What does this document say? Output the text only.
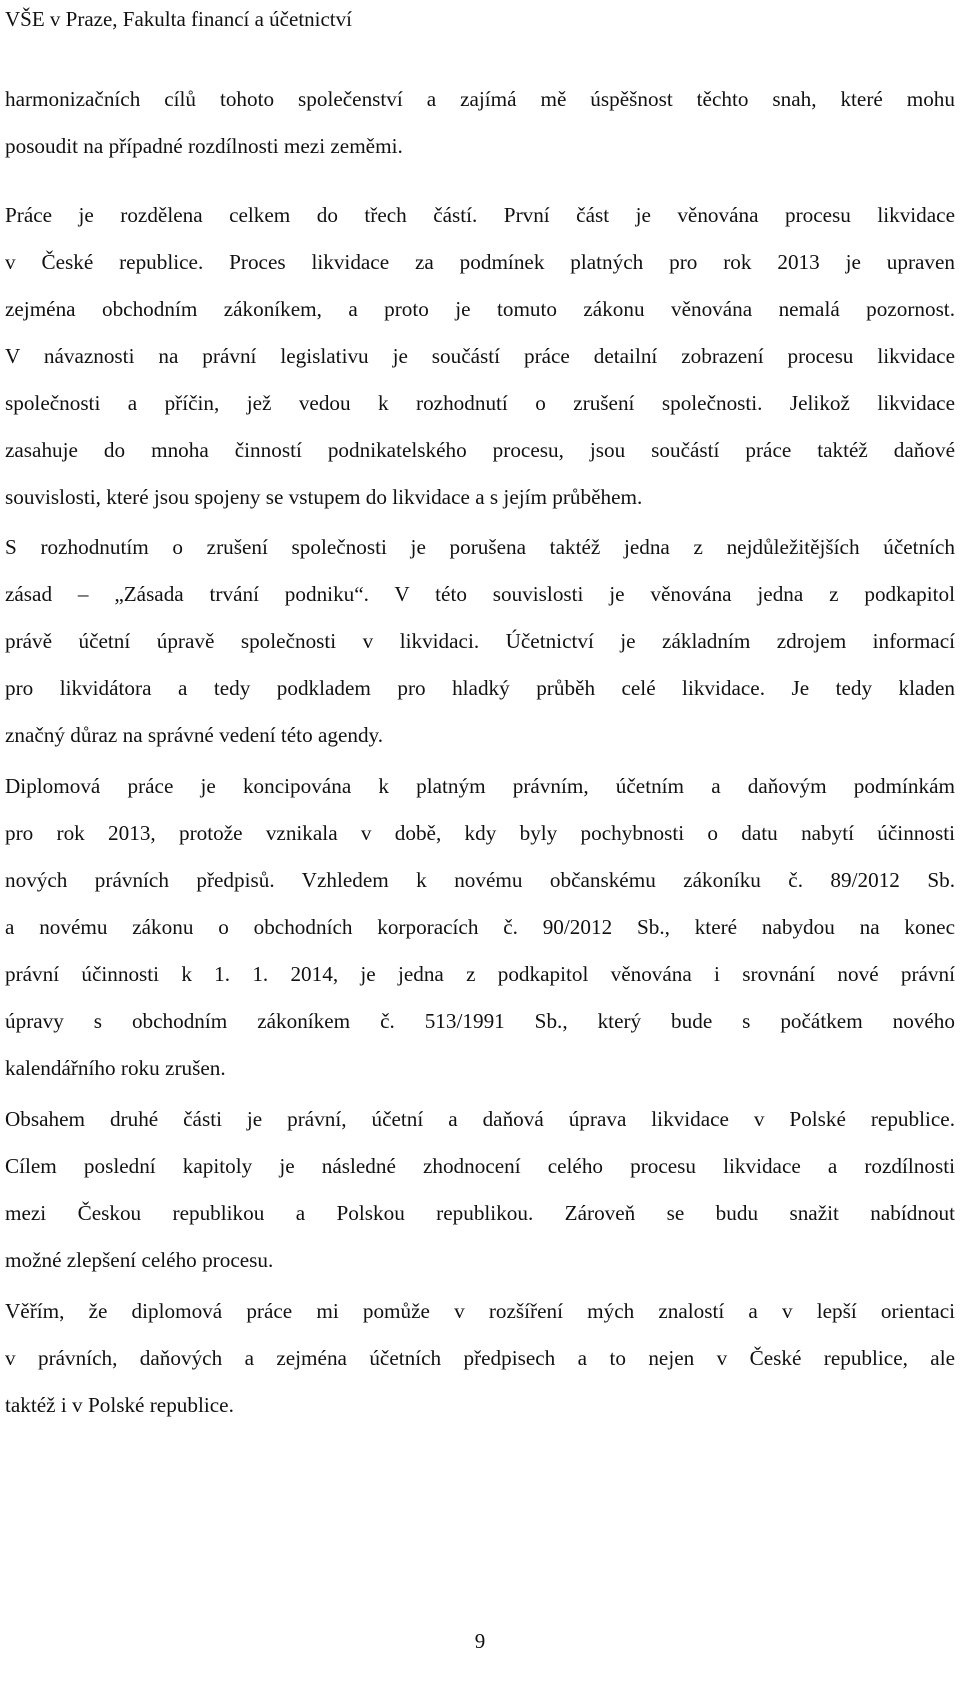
VŠE v Praze, Fakulta financí a účetnictví
harmonizačních cílů tohoto společenství a zajímá mě úspěšnost těchto snah, které mohu
posoudit na případné rozdílnosti mezi zeměmi.
Práce je rozdělena celkem do třech částí. První část je věnována procesu likvidace
v České republice. Proces likvidace za podmínek platných pro rok 2013 je upraven
zejména obchodním zákoníkem, a proto je tomuto zákonu věnována nemalá pozornost.
V návaznosti na právní legislativu je součástí práce detailní zobrazení procesu likvidace
společnosti a příčin, jež vedou k rozhodnutí o zrušení společnosti. Jelikož likvidace
zasahuje do mnoha činností podnikatelského procesu, jsou součástí práce taktéž daňové
souvislosti, které jsou spojeny se vstupem do likvidace a s jejím průběhem.
S rozhodnutím o zrušení společnosti je porušena taktéž jedna z nejdůležitějších účetních
zásad – „Zásada trvání podniku“. V této souvislosti je věnována jedna z podkapitol
právě účetní úpravě společnosti v likvidaci. Účetnictví je základním zdrojem informací
pro likvidátora a tedy podkladem pro hladký průběh celé likvidace. Je tedy kladen
značný důraz na správné vedení této agendy.
Diplomová práce je koncipována k platným právním, účetním a daňovým podmínkám
pro rok 2013, protože vznikala v době, kdy byly pochybnosti o datu nabytí účinnosti
nových právních předpisů. Vzhledem k novému občanskému zákoníku č. 89/2012 Sb.
a novému zákonu o obchodních korporacích č. 90/2012 Sb., které nabydou na konec
právní účinnosti k 1. 1. 2014, je jedna z podkapitol věnována i srovnání nové právní
úpravy s obchodním zákoníkem č. 513/1991 Sb., který bude s počátkem nového
kalendářního roku zrušen.
Obsahem druhé části je právní, účetní a daňová úprava likvidace v Polské republice.
Cílem poslední kapitoly je následné zhodnocení celého procesu likvidace a rozdílnosti
mezi Českou republikou a Polskou republikou. Zároveň se budu snažit nabídnout
možné zlepšení celého procesu.
Věřím, že diplomová práce mi pomůže v rozšíření mých znalostí a v lepší orientaci
v právních, daňových a zejména účetních předpisech a to nejen v České republice, ale
taktéž i v Polské republice.
9
